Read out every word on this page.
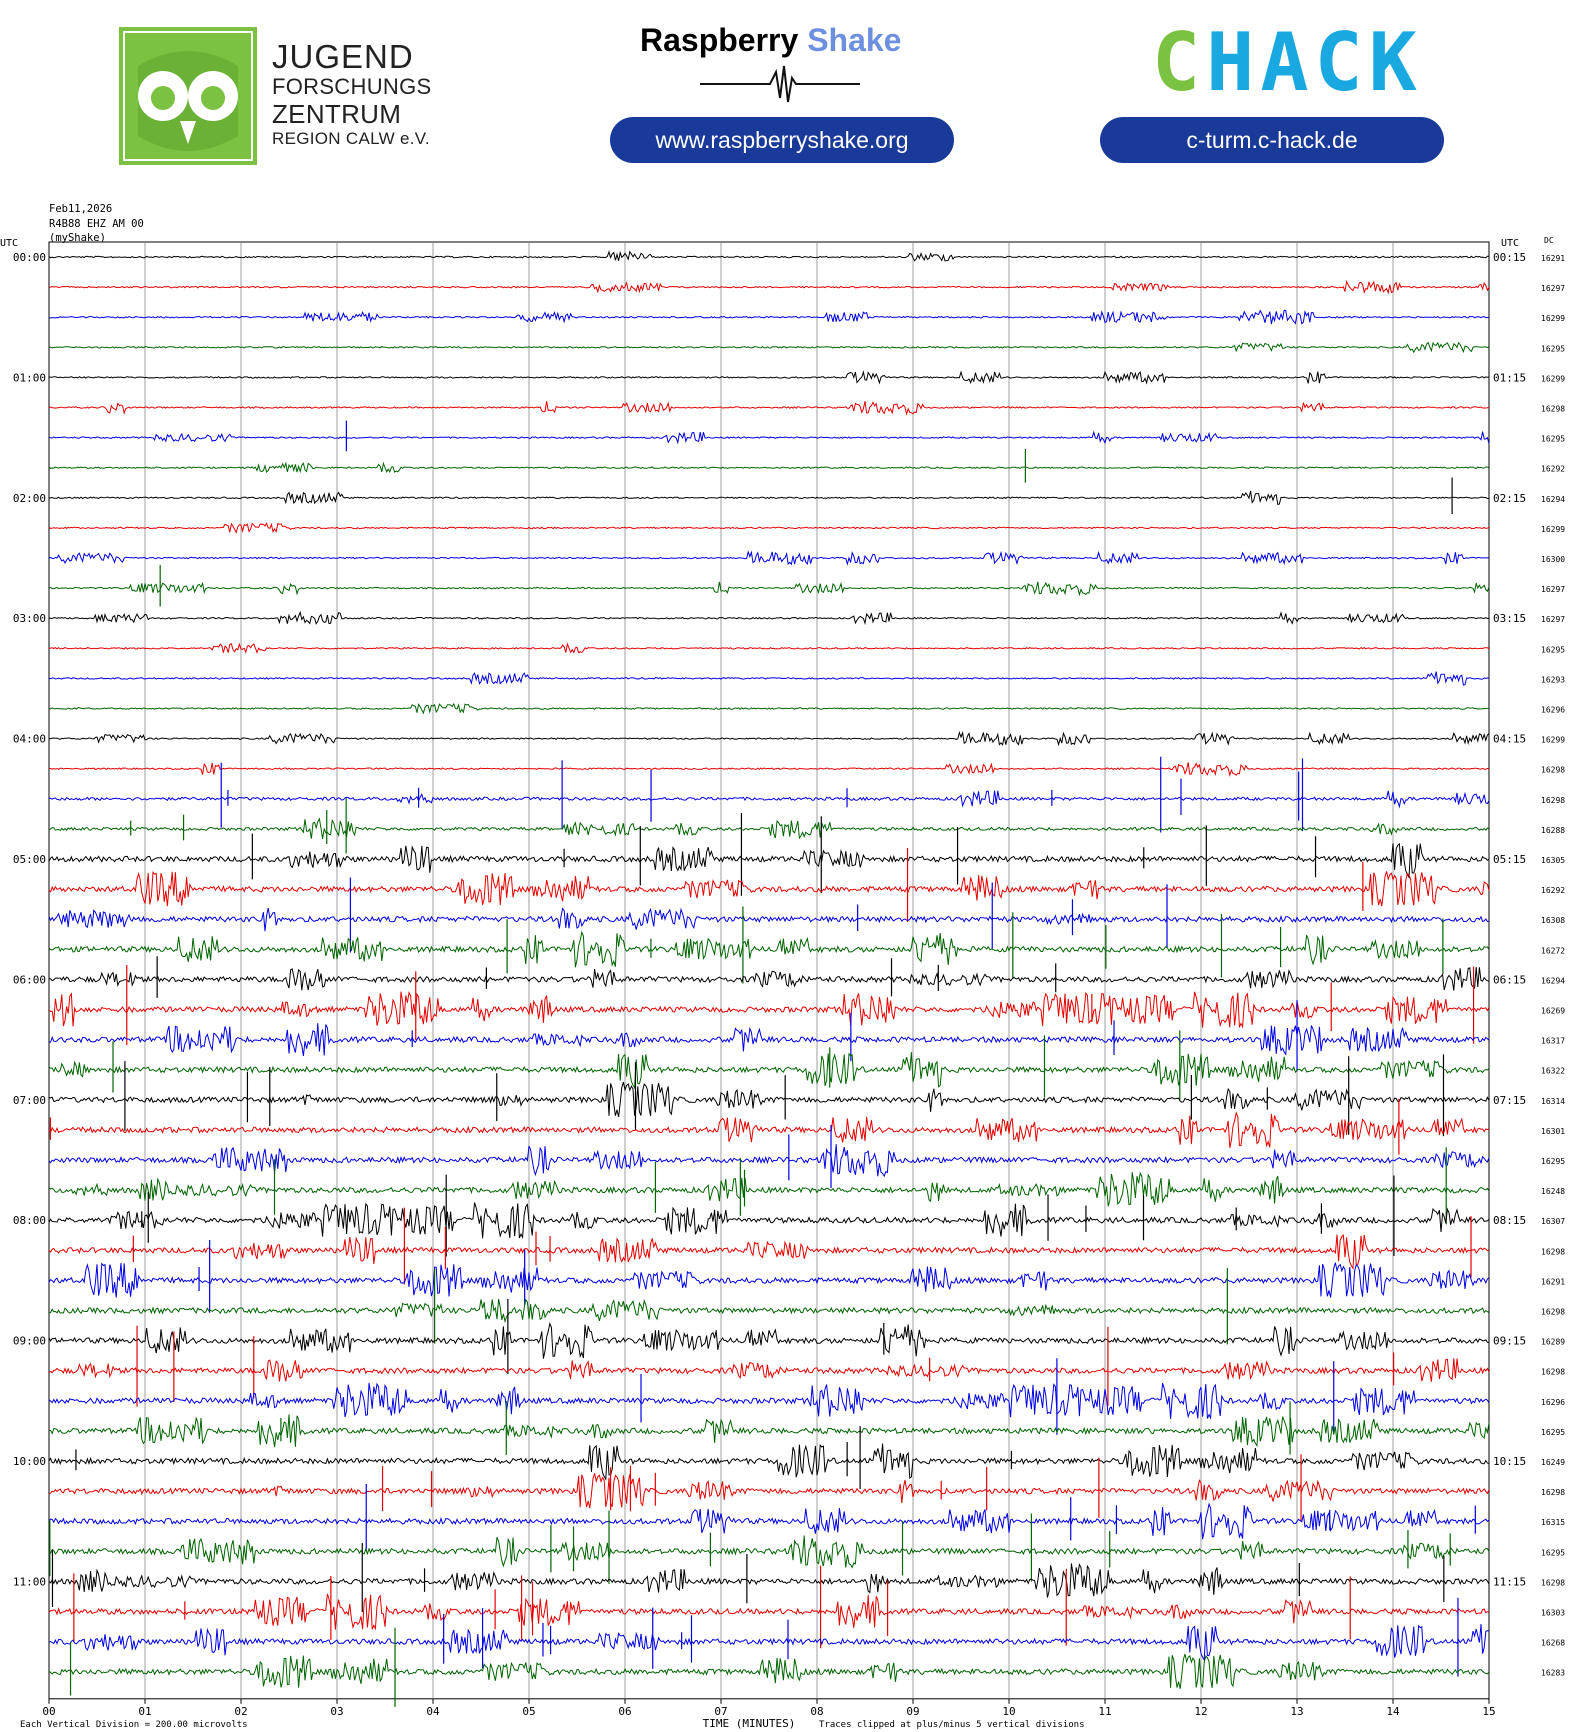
JUGEND
FORSCHUNGS
ZENTRUM
REGION CALW e.V.
Raspberry Shake
www.raspberryshake.org
CHACK
c-turm.c-hack.de
Feb11,2026
R4B88 EHZ AM 00
(myShake)
00	01	02	03	04	05	06	07	08	09	10	11	12	13	14	15
UTC	UTC	DC
00:00	00:15 16291
16297
16299
16295
01:00	01:15 16299
16298
16295
16292
02:00	02:15 16294
16299
16300
16297
03:00	03:15 16297
16295
16293
16296
04:00	04:15 16299
16298
16298
16288
05:00	05:15 16305
16292
16308
16272
06:00	06:15 16294
16269
16317
16322
07:00	07:15 16314
16301
16295
16248
08:00	08:15 16307
16298
16291
16298
09:00	09:15 16289
16298
16296
16295
10:00	10:15 16249
16298
16315
16295
11:00	11:15 16298
16303
16268
16283
Each Vertical Division = 200.00 microvolts	TIME (MINUTES)	Traces clipped at plus/minus 5 vertical divisions
